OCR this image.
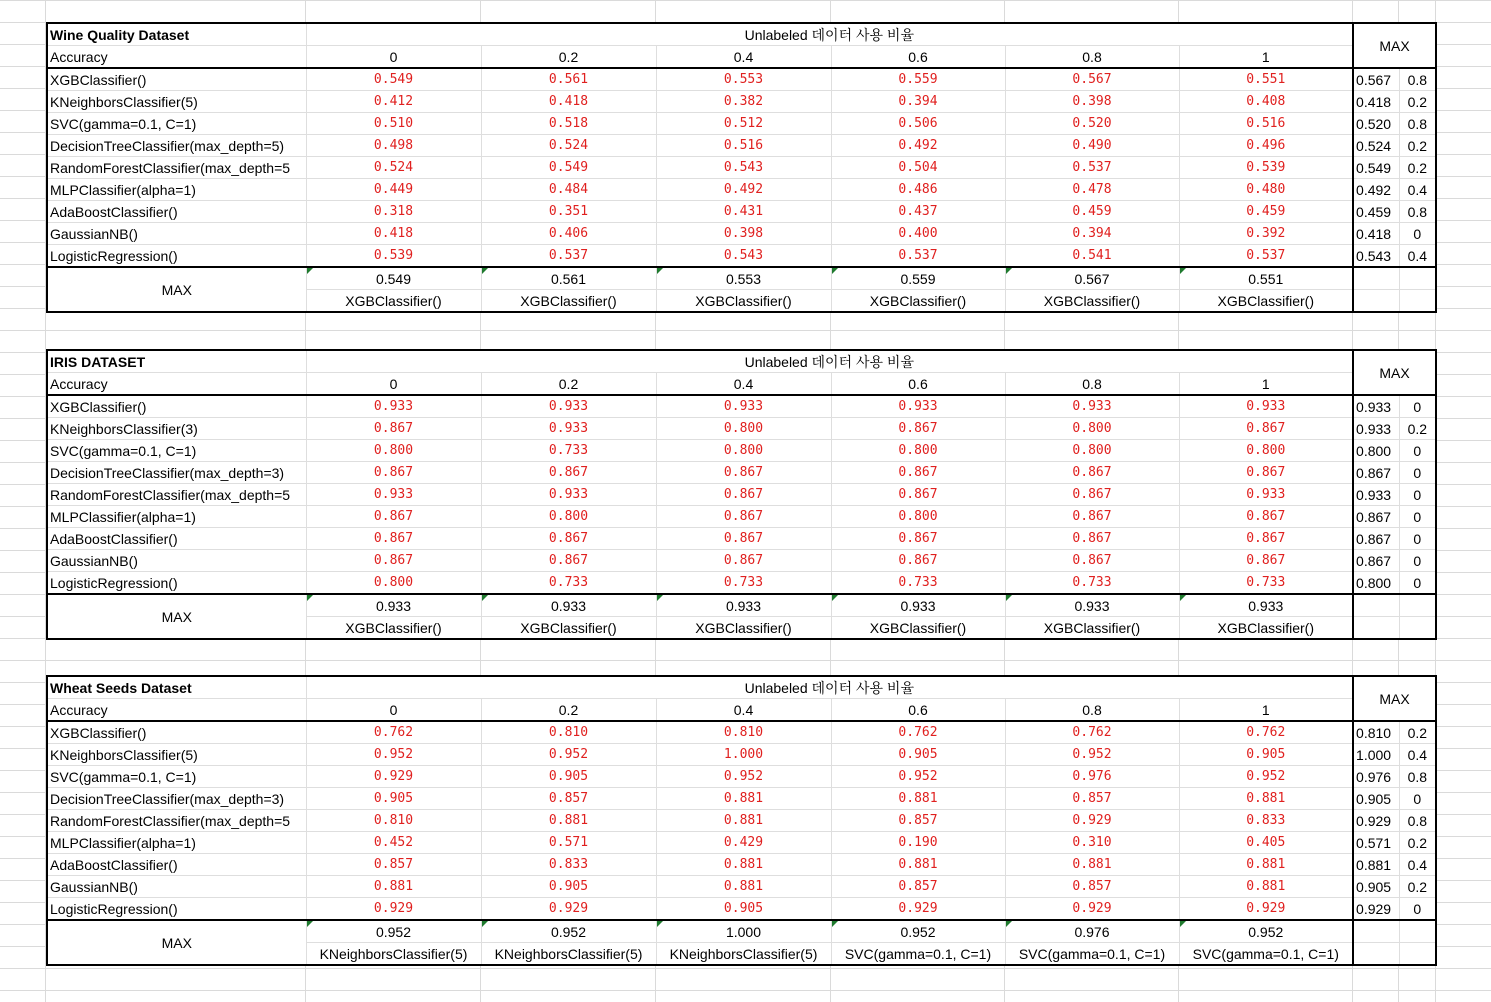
Wine Quality Dataset	Unlabeled 데이터 사용 비율						MAX	
Accuracy	0	0.2	0.4	0.6	0.8	1		
XGBClassifier()	0.549	0.561	0.553	0.559	0.567	0.551	0.567	0.8
KNeighborsClassifier(5)	0.412	0.418	0.382	0.394	0.398	0.408	0.418	0.2
SVC(gamma=0.1, C=1)	0.510	0.518	0.512	0.506	0.520	0.516	0.520	0.8
DecisionTreeClassifier(max_depth=5)	0.498	0.524	0.516	0.492	0.490	0.496	0.524	0.2
RandomForestClassifier(max_depth=5	0.524	0.549	0.543	0.504	0.537	0.539	0.549	0.2
MLPClassifier(alpha=1)	0.449	0.484	0.492	0.486	0.478	0.480	0.492	0.4
AdaBoostClassifier()	0.318	0.351	0.431	0.437	0.459	0.459	0.459	0.8
GaussianNB()	0.418	0.406	0.398	0.400	0.394	0.392	0.418	0
LogisticRegression()	0.539	0.537	0.543	0.537	0.541	0.537	0.543	0.4
MAX	0.549	0.561	0.553	0.559	0.567	0.551		
	XGBClassifier()	XGBClassifier()	XGBClassifier()	XGBClassifier()	XGBClassifier()	XGBClassifier()		
IRIS DATASET	Unlabeled 데이터 사용 비율						MAX	
Accuracy	0	0.2	0.4	0.6	0.8	1		
XGBClassifier()	0.933	0.933	0.933	0.933	0.933	0.933	0.933	0
KNeighborsClassifier(3)	0.867	0.933	0.800	0.867	0.800	0.867	0.933	0.2
SVC(gamma=0.1, C=1)	0.800	0.733	0.800	0.800	0.800	0.800	0.800	0
DecisionTreeClassifier(max_depth=3)	0.867	0.867	0.867	0.867	0.867	0.867	0.867	0
RandomForestClassifier(max_depth=5	0.933	0.933	0.867	0.867	0.867	0.933	0.933	0
MLPClassifier(alpha=1)	0.867	0.800	0.867	0.800	0.867	0.867	0.867	0
AdaBoostClassifier()	0.867	0.867	0.867	0.867	0.867	0.867	0.867	0
GaussianNB()	0.867	0.867	0.867	0.867	0.867	0.867	0.867	0
LogisticRegression()	0.800	0.733	0.733	0.733	0.733	0.733	0.800	0
MAX	0.933	0.933	0.933	0.933	0.933	0.933		
	XGBClassifier()	XGBClassifier()	XGBClassifier()	XGBClassifier()	XGBClassifier()	XGBClassifier()		
Wheat Seeds Dataset	Unlabeled 데이터 사용 비율						MAX	
Accuracy	0	0.2	0.4	0.6	0.8	1		
XGBClassifier()	0.762	0.810	0.810	0.762	0.762	0.762	0.810	0.2
KNeighborsClassifier(5)	0.952	0.952	1.000	0.905	0.952	0.905	1.000	0.4
SVC(gamma=0.1, C=1)	0.929	0.905	0.952	0.952	0.976	0.952	0.976	0.8
DecisionTreeClassifier(max_depth=3)	0.905	0.857	0.881	0.881	0.857	0.881	0.905	0
RandomForestClassifier(max_depth=5	0.810	0.881	0.881	0.857	0.929	0.833	0.929	0.8
MLPClassifier(alpha=1)	0.452	0.571	0.429	0.190	0.310	0.405	0.571	0.2
AdaBoostClassifier()	0.857	0.833	0.881	0.881	0.881	0.881	0.881	0.4
GaussianNB()	0.881	0.905	0.881	0.857	0.857	0.881	0.905	0.2
LogisticRegression()	0.929	0.929	0.905	0.929	0.929	0.929	0.929	0
MAX	0.952	0.952	1.000	0.952	0.976	0.952		
	KNeighborsClassifier(5)	KNeighborsClassifier(5)	KNeighborsClassifier(5)	SVC(gamma=0.1, C=1)	SVC(gamma=0.1, C=1)	SVC(gamma=0.1, C=1)		
